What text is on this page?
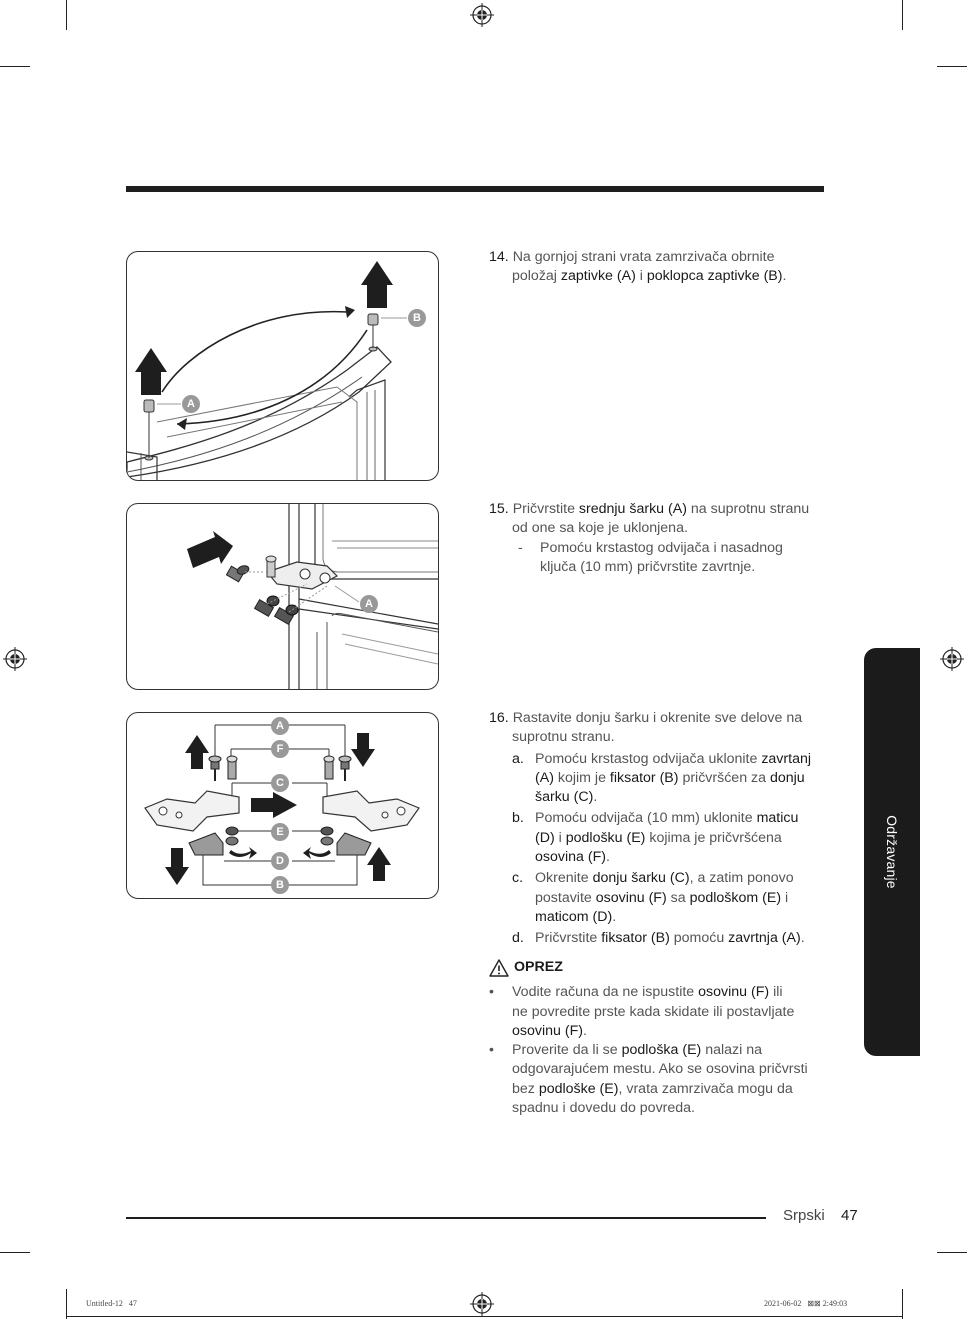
A
B
A
A
F
C
E
D
B
14. Na gornjoj strani vrata zamrzivača obrnite
položaj zaptivke (A) i poklopca zaptivke (B).
15. Pričvrstite srednju šarku (A) na suprotnu stranu
od one sa koje je uklonjena.
- Pomoću krstastog odvijača i nasadnog
ključa (10 mm) pričvrstite zavrtnje.
16. Rastavite donju šarku i okrenite sve delove na
suprotnu stranu.
a. Pomoću krstastog odvijača uklonite zavrtanj
(A) kojim je fiksator (B) pričvršćen za donju
šarku (C).
b. Pomoću odvijača (10 mm) uklonite maticu
(D) i podlošku (E) kojima je pričvršćena
osovina (F).
c. Okrenite donju šarku (C), a zatim ponovo
postavite osovinu (F) sa podloškom (E) i
maticom (D).
d. Pričvrstite fiksator (B) pomoću zavrtnja (A).
OPREZ
• Vodite računa da ne ispustite osovinu (F) ili
ne povredite prste kada skidate ili postavljate
osovinu (F).
• Proverite da li se podloška (E) nalazi na
odgovarajućem mestu. Ako se osovina pričvrsti
bez podloške (E), vrata zamrzivača mogu da
spadnu i dovedu do povreda.
Održavanje
Srpski 47
Untitled-12   47	2021-06-02   ⊠⊠ 2:49:03
